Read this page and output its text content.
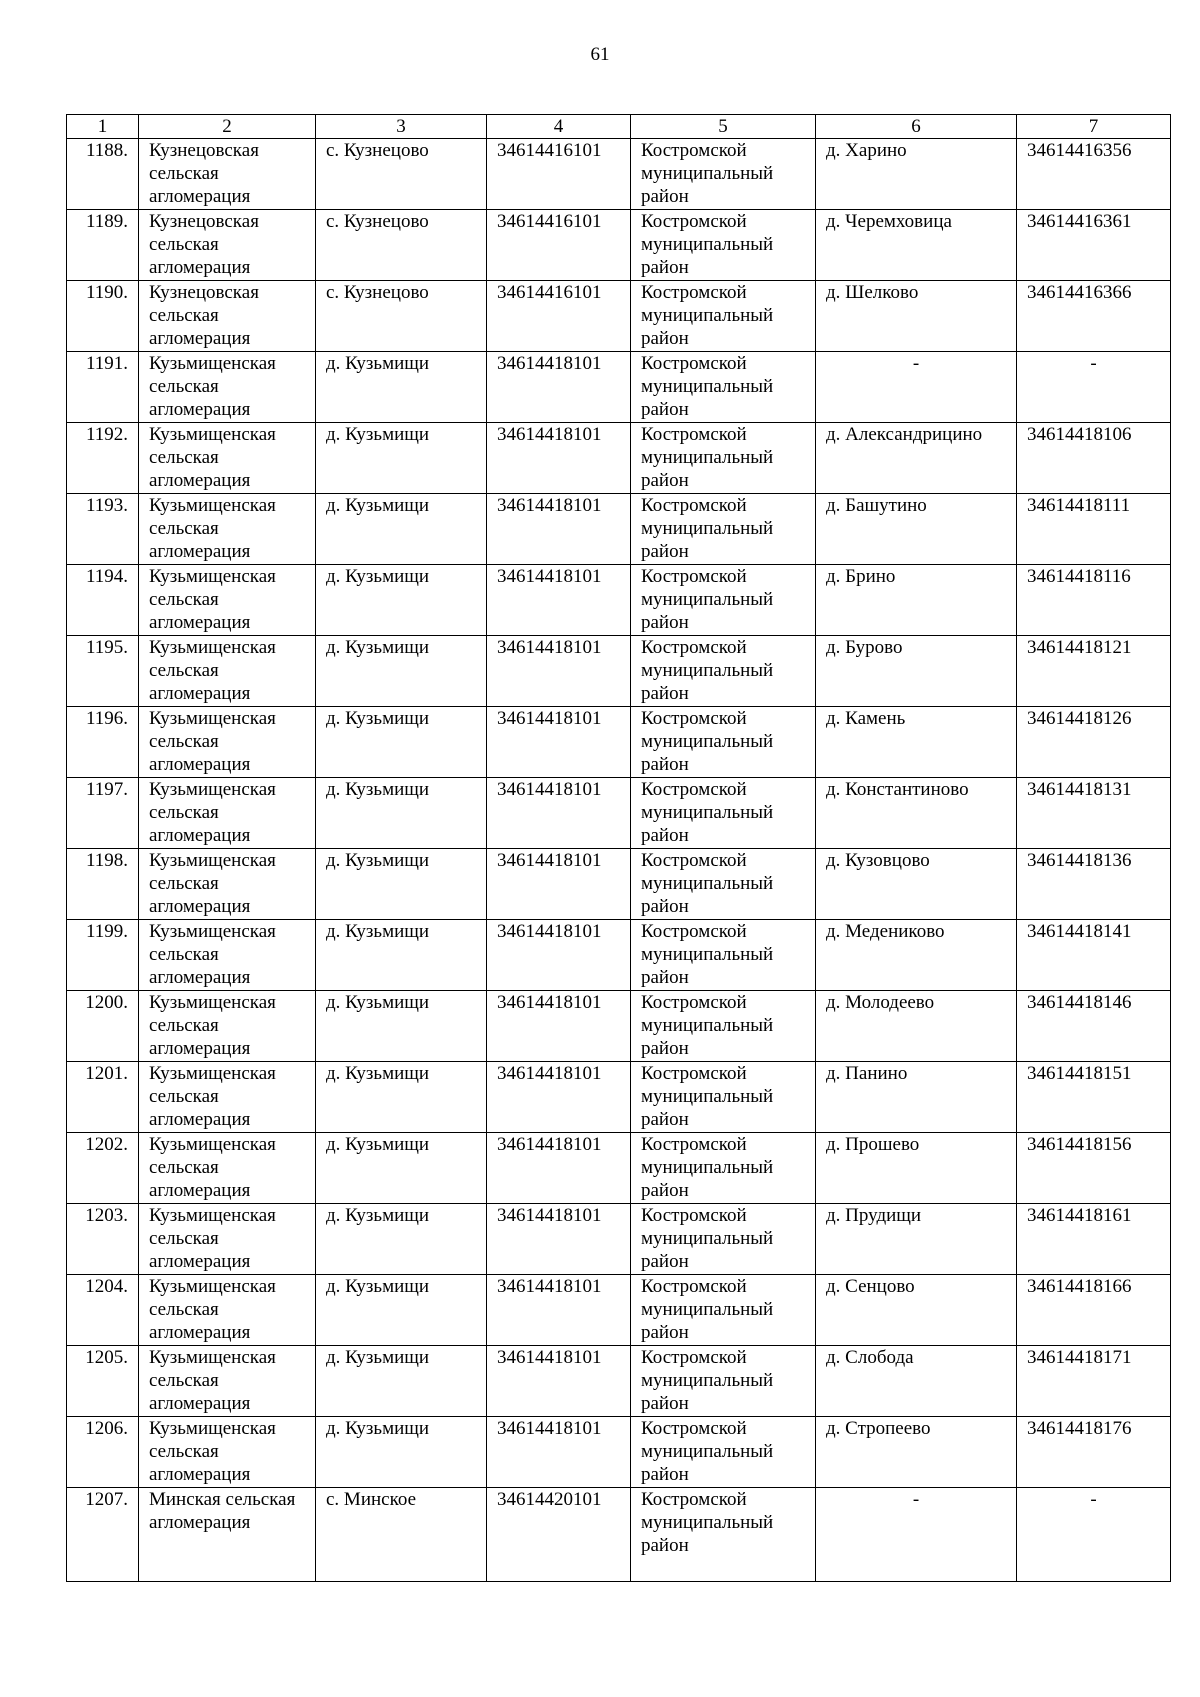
61
1	2	3	4	5	6	7
1188.	Кузнецовская сельская агломерация	с. Кузнецово	34614416101	Костромской муниципальный район	д. Харино	34614416356
1189.	Кузнецовская сельская агломерация	с. Кузнецово	34614416101	Костромской муниципальный район	д. Черемховица	34614416361
1190.	Кузнецовская сельская агломерация	с. Кузнецово	34614416101	Костромской муниципальный район	д. Шелково	34614416366
1191.	Кузьмищенская сельская агломерация	д. Кузьмищи	34614418101	Костромской муниципальный район	-	-
1192.	Кузьмищенская сельская агломерация	д. Кузьмищи	34614418101	Костромской муниципальный район	д. Александрицино	34614418106
1193.	Кузьмищенская сельская агломерация	д. Кузьмищи	34614418101	Костромской муниципальный район	д. Башутино	34614418111
1194.	Кузьмищенская сельская агломерация	д. Кузьмищи	34614418101	Костромской муниципальный район	д. Брино	34614418116
1195.	Кузьмищенская сельская агломерация	д. Кузьмищи	34614418101	Костромской муниципальный район	д. Бурово	34614418121
1196.	Кузьмищенская сельская агломерация	д. Кузьмищи	34614418101	Костромской муниципальный район	д. Камень	34614418126
1197.	Кузьмищенская сельская агломерация	д. Кузьмищи	34614418101	Костромской муниципальный район	д. Константиново	34614418131
1198.	Кузьмищенская сельская агломерация	д. Кузьмищи	34614418101	Костромской муниципальный район	д. Кузовцово	34614418136
1199.	Кузьмищенская сельская агломерация	д. Кузьмищи	34614418101	Костромской муниципальный район	д. Медениково	34614418141
1200.	Кузьмищенская сельская агломерация	д. Кузьмищи	34614418101	Костромской муниципальный район	д. Молодеево	34614418146
1201.	Кузьмищенская сельская агломерация	д. Кузьмищи	34614418101	Костромской муниципальный район	д. Панино	34614418151
1202.	Кузьмищенская сельская агломерация	д. Кузьмищи	34614418101	Костромской муниципальный район	д. Прошево	34614418156
1203.	Кузьмищенская сельская агломерация	д. Кузьмищи	34614418101	Костромской муниципальный район	д. Прудищи	34614418161
1204.	Кузьмищенская сельская агломерация	д. Кузьмищи	34614418101	Костромской муниципальный район	д. Сенцово	34614418166
1205.	Кузьмищенская сельская агломерация	д. Кузьмищи	34614418101	Костромской муниципальный район	д. Слобода	34614418171
1206.	Кузьмищенская сельская агломерация	д. Кузьмищи	34614418101	Костромской муниципальный район	д. Стропеево	34614418176
1207.	Минская сельская агломерация	с. Минское	34614420101	Костромской муниципальный район	-	-
